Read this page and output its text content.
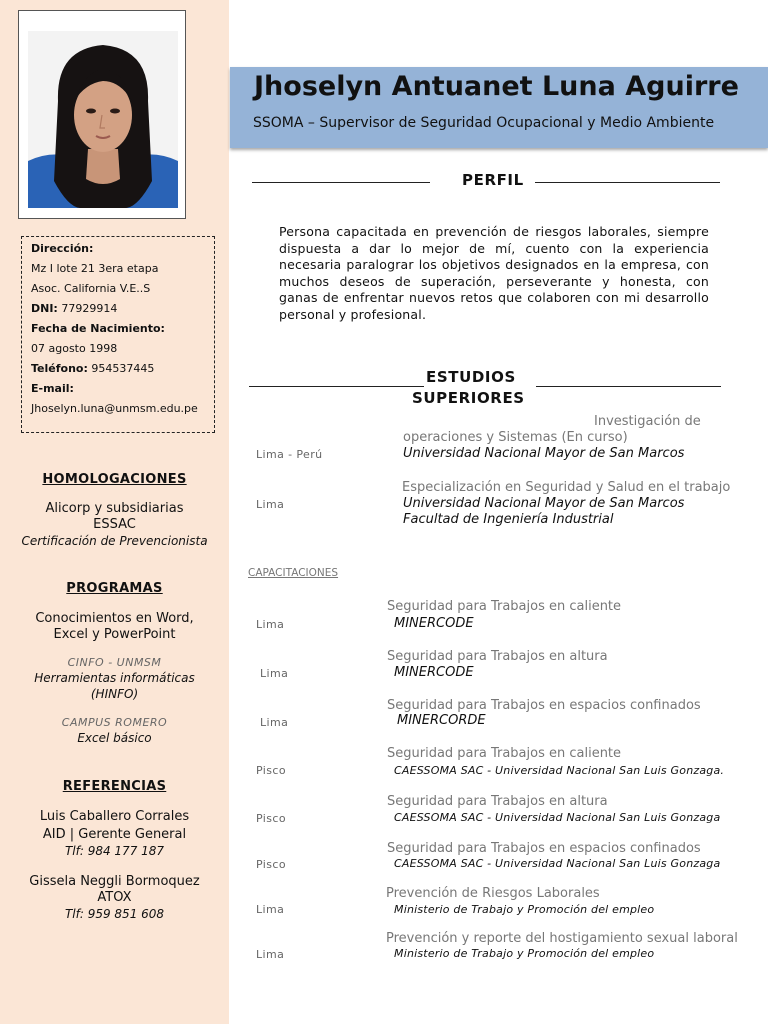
Dirección:
Mz I lote 21 3era etapa
Asoc. California V.E..S
DNI: 77929914
Fecha de Nacimiento:
07 agosto 1998
Teléfono: 954537445
E-mail:
Jhoselyn.luna@unmsm.edu.pe
HOMOLOGACIONES
Alicorp y subsidiarias
ESSAC
Certificación de Prevencionista
PROGRAMAS
Conocimientos en Word,
Excel y PowerPoint
CINFO - UNMSM
Herramientas informáticas
(HINFO)
CAMPUS ROMERO
Excel básico
REFERENCIAS
Luis Caballero Corrales
AID | Gerente General
Tlf: 984 177 187
Gissela Neggli Bormoquez
ATOX
Tlf: 959 851 608
Jhoselyn Antuanet Luna Aguirre
SSOMA – Supervisor de Seguridad Ocupacional y Medio Ambiente
PERFIL
Persona capacitada en prevención de riesgos laborales, siempre dispuesta a dar lo mejor de mí, cuento con la experiencia necesaria paralograr los objetivos designados en la empresa, con muchos deseos de superación, perseverante y honesta, con ganas de enfrentar nuevos retos que colaboren con mi desarrollo personal y profesional.
ESTUDIOS
SUPERIORES
Lima - Perú
Investigación de
operaciones y Sistemas (En curso)
Universidad Nacional Mayor de San Marcos
Lima
Especialización en Seguridad y Salud en el trabajo
Universidad Nacional Mayor de San Marcos
Facultad de Ingeniería Industrial
CAPACITACIONES
Lima
Seguridad para Trabajos en caliente
MINERCODE
Lima
Seguridad para Trabajos en altura
MINERCODE
Lima
Seguridad para Trabajos en espacios confinados
MINERCORDE
Pisco
Seguridad para Trabajos en caliente
CAESSOMA SAC - Universidad Nacional San Luis Gonzaga.
Pisco
Seguridad para Trabajos en altura
CAESSOMA SAC - Universidad Nacional San Luis Gonzaga
Pisco
Seguridad para Trabajos en espacios confinados
CAESSOMA SAC - Universidad Nacional San Luis Gonzaga
Lima
Prevención de Riesgos Laborales
Ministerio de Trabajo y Promoción del empleo
Lima
Prevención y reporte del hostigamiento sexual laboral
Ministerio de Trabajo y Promoción del empleo
